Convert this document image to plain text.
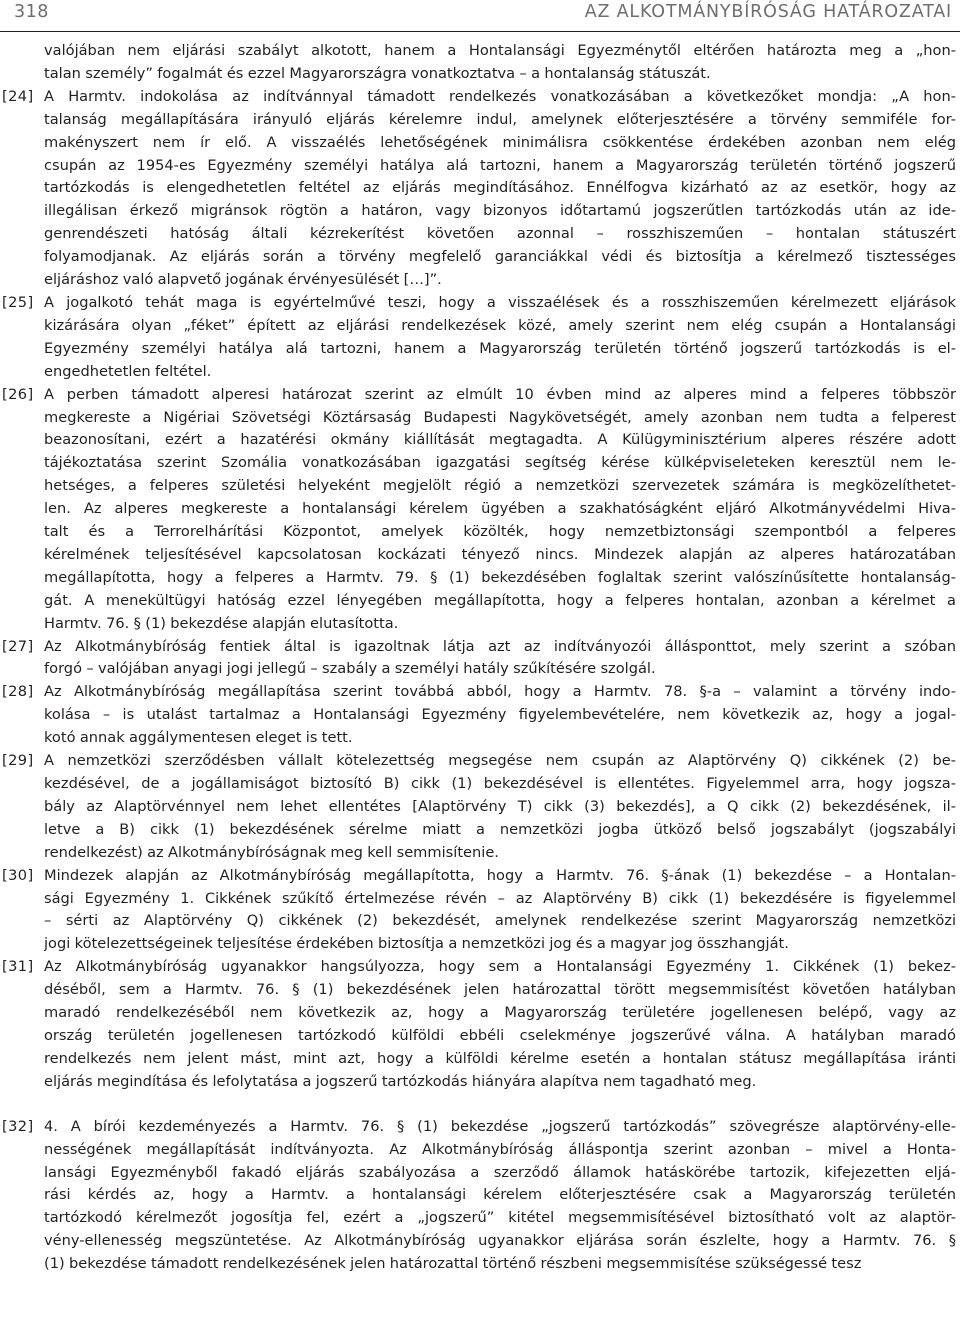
318	AZ ALKOTMÁNYBÍRÓSÁG HATÁROZATAI
valójában nem eljárási szabályt alkotott, hanem a Hontalansági Egyezménytől eltérően határozta meg a „hon-
talan személy” fogalmát és ezzel Magyarországra vonatkoztatva – a hontalanság státuszát.
[24] A Harmtv. indokolása az indítvánnyal támadott rendelkezés vonatkozásában a következőket mondja: „A hon-
talanság megállapítására irányuló eljárás kérelemre indul, amelynek előterjesztésére a törvény semmiféle for-
makényszert nem ír elő. A visszaélés lehetőségének minimálisra csökkentése érdekében azonban nem elég
csupán az 1954-es Egyezmény személyi hatálya alá tartozni, hanem a Magyarország területén történő jogszerű
tartózkodás is elengedhetetlen feltétel az eljárás megindításához. Ennélfogva kizárható az az esetkör, hogy az
illegálisan érkező migránsok rögtön a határon, vagy bizonyos időtartamú jogszerűtlen tartózkodás után az ide-
genrendészeti hatóság általi kézrekerítést követően azonnal – rosszhiszeműen – hontalan státuszért
folyamodjanak. Az eljárás során a törvény megfelelő garanciákkal védi és biztosítja a kérelmező tisztességes
eljáráshoz való alapvető jogának érvényesülését […]”.
[25] A jogalkotó tehát maga is egyértelművé teszi, hogy a visszaélések és a rosszhiszeműen kérelmezett eljárások
kizárására olyan „féket” épített az eljárási rendelkezések közé, amely szerint nem elég csupán a Hontalansági
Egyezmény személyi hatálya alá tartozni, hanem a Magyarország területén történő jogszerű tartózkodás is el-
engedhetetlen feltétel.
[26] A perben támadott alperesi határozat szerint az elmúlt 10 évben mind az alperes mind a felperes többször
megkereste a Nigériai Szövetségi Köztársaság Budapesti Nagykövetségét, amely azonban nem tudta a felperest
beazonosítani, ezért a hazatérési okmány kiállítását megtagadta. A Külügyminisztérium alperes részére adott
tájékoztatása szerint Szomália vonatkozásában igazgatási segítség kérése külképviseleteken keresztül nem le-
hetséges, a felperes születési helyeként megjelölt régió a nemzetközi szervezetek számára is megközelíthetet-
len. Az alperes megkereste a hontalansági kérelem ügyében a szakhatóságként eljáró Alkotmányvédelmi Hiva-
talt és a Terrorelhárítási Központot, amelyek közölték, hogy nemzetbiztonsági szempontból a felperes
kérelmének teljesítésével kapcsolatosan kockázati tényező nincs. Mindezek alapján az alperes határozatában
megállapította, hogy a felperes a Harmtv. 79. § (1) bekezdésében foglaltak szerint valószínűsítette hontalanság-
gát. A menekültügyi hatóság ezzel lényegében megállapította, hogy a felperes hontalan, azonban a kérelmet a
Harmtv. 76. § (1) bekezdése alapján elutasította.
[27] Az Alkotmánybíróság fentiek által is igazoltnak látja azt az indítványozói állásponttot, mely szerint a szóban
forgó – valójában anyagi jogi jellegű – szabály a személyi hatály szűkítésére szolgál.
[28] Az Alkotmánybíróság megállapítása szerint továbbá abból, hogy a Harmtv. 78. §-a – valamint a törvény indo-
kolása – is utalást tartalmaz a Hontalansági Egyezmény figyelembevételére, nem következik az, hogy a jogal-
kotó annak aggálymentesen eleget is tett.
[29] A nemzetközi szerződésben vállalt kötelezettség megsegése nem csupán az Alaptörvény Q) cikkének (2) be-
kezdésével, de a jogállamiságot biztosító B) cikk (1) bekezdésével is ellentétes. Figyelemmel arra, hogy jogsza-
bály az Alaptörvénnyel nem lehet ellentétes [Alaptörvény T) cikk (3) bekezdés], a Q cikk (2) bekezdésének, il-
letve a B) cikk (1) bekezdésének sérelme miatt a nemzetközi jogba ütköző belső jogszabályt (jogszabályi
rendelkezést) az Alkotmánybíróságnak meg kell semmisítenie.
[30] Mindezek alapján az Alkotmánybíróság megállapította, hogy a Harmtv. 76. §-ának (1) bekezdése – a Hontalan-
sági Egyezmény 1. Cikkének szűkítő értelmezése révén – az Alaptörvény B) cikk (1) bekezdésére is figyelemmel
– sérti az Alaptörvény Q) cikkének (2) bekezdését, amelynek rendelkezése szerint Magyarország nemzetközi
jogi kötelezettségeinek teljesítése érdekében biztosítja a nemzetközi jog és a magyar jog összhangját.
[31] Az Alkotmánybíróság ugyanakkor hangsúlyozza, hogy sem a Hontalansági Egyezmény 1. Cikkének (1) bekez-
déséből, sem a Harmtv. 76. § (1) bekezdésének jelen határozattal törött megsemmisítést követően hatályban
maradó rendelkezéséből nem következik az, hogy a Magyarország területére jogellenesen belépő, vagy az
ország területén jogellenesen tartózkodó külföldi ebbéli cselekménye jogszerűvé válna. A hatályban maradó
rendelkezés nem jelent mást, mint azt, hogy a külföldi kérelme esetén a hontalan státusz megállapítása iránti
eljárás megindítása és lefolytatása a jogszerű tartózkodás hiányára alapítva nem tagadható meg.
[32] 4. A bírói kezdeményezés a Harmtv. 76. § (1) bekezdése „jogszerű tartózkodás” szövegrésze alaptörvény-elle-
nességének megállapítását indítványozta. Az Alkotmánybíróság álláspontja szerint azonban – mivel a Honta-
lansági Egyezményből fakadó eljárás szabályozása a szerződő államok hatáskörébe tartozik, kifejezetten eljá-
rási kérdés az, hogy a Harmtv. a hontalansági kérelem előterjesztésére csak a Magyarország területén
tartózkodó kérelmezőt jogosítja fel, ezért a „jogszerű” kitétel megsemmisítésével biztosítható volt az alaptör-
vény-ellenesség megszüntetése. Az Alkotmánybíróság ugyanakkor eljárása során észlelte, hogy a Harmtv. 76. §
(1) bekezdése támadott rendelkezésének jelen határozattal történő részbeni megsemmisítése szükségessé tesz
